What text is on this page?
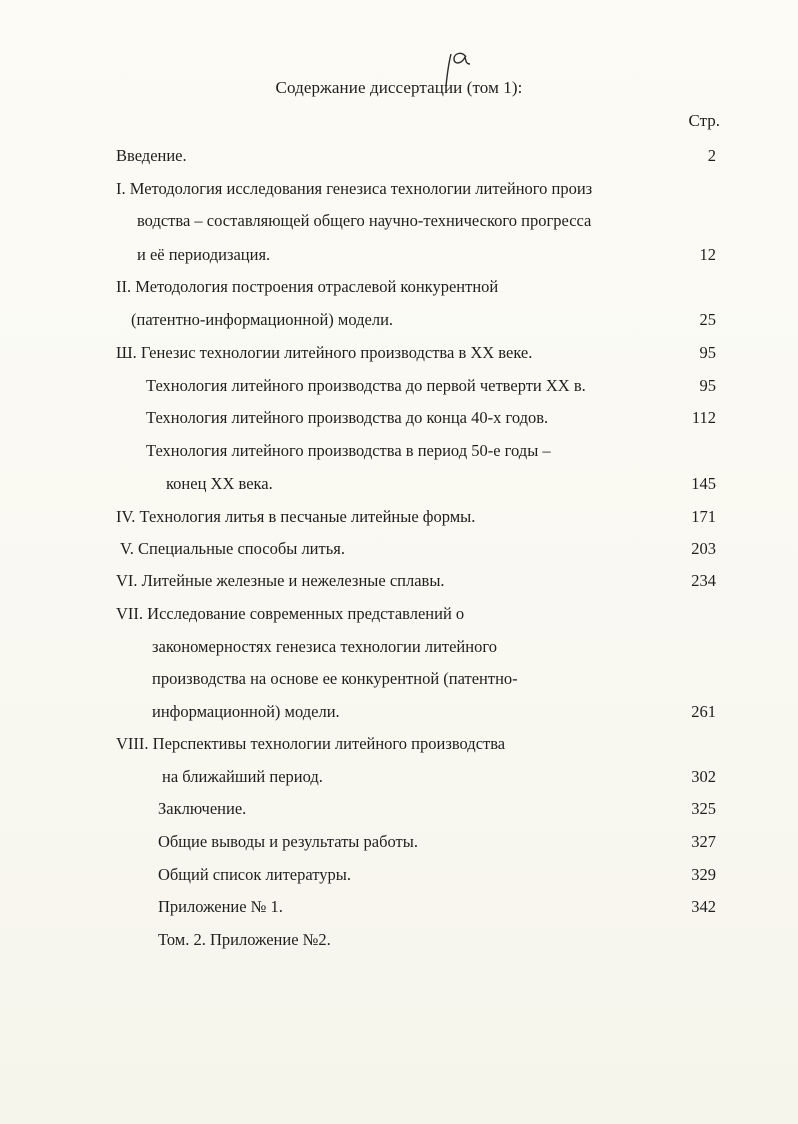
Содержание диссертации (том 1):
Стр.
Введение.	2
I. Методология исследования генезиса технологии литейного произ
водства – составляющей общего научно-технического прогресса
и её периодизация.	12
II. Методология построения отраслевой конкурентной
(патентно-информационной) модели.	25
Ш. Генезис технологии литейного производства в ХХ веке.	95
Технология литейного производства до первой четверти ХХ в.	95
Технология литейного производства до конца 40-х годов.	112
Технология литейного производства в период 50-е годы –
конец ХХ века.	145
IV. Технология литья в песчаные литейные формы.	171
V. Специальные способы литья.	203
VI. Литейные железные и нежелезные сплавы.	234
VII. Исследование современных представлений о
закономерностях генезиса технологии литейного
производства на основе ее конкурентной (патентно-
информационной) модели.	261
VIII. Перспективы технологии литейного производства
на ближайший период.	302
Заключение.	325
Общие выводы и результаты работы.	327
Общий список литературы.	329
Приложение № 1.	342
Том. 2. Приложение №2.
